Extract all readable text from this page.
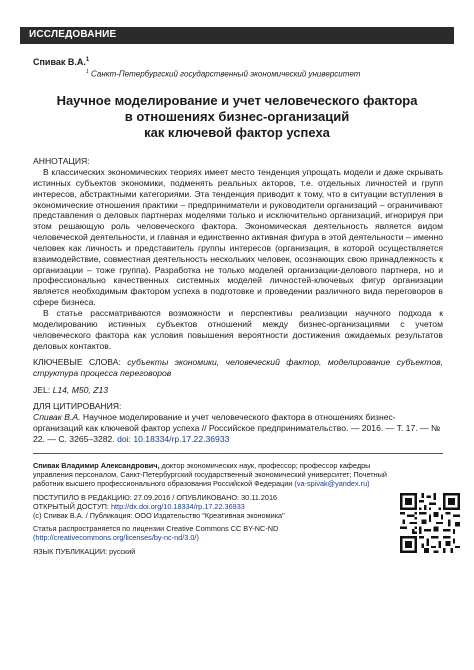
ИССЛЕДОВАНИЕ
Спивак В.А.$^1$
$^1$ Санкт-Петербургский государственный экономический университет
Научное моделирование и учет человеческого фактора
в отношениях бизнес-организаций
как ключевой фактор успеха
АННОТАЦИЯ:

В классических экономических теориях имеет место тенденция упрощать модели и даже скрывать истинных субъектов экономики, подменять реальных акторов, т.е. отдельных личностей и групп интересов, абстрактными категориями. Эта тенденция приводит к тому, что в ситуации вступления в экономические отношения практики – предприниматели и руководители организаций – ограничивают представления о деловых партнерах моделями только и исключительно организаций, игнорируя при этом решающую роль человеческого фактора. Экономическая деятельность является видом человеческой деятельности, и главная и единственно активная фигура в этой деятельности – именно человек как личность и представитель группы интересов (организация, в которой осуществляется взаимодействие, совместная деятельность нескольких человек, осознающих свою принадлежность к организации – тоже группа). Разработка не только моделей организации-делового партнера, но и профессионально качественных системных моделей личностей-ключевых фигур организации является необходимым фактором успеха в подготовке и проведении различного вида переговоров в сфере бизнеса.

В статье рассматриваются возможности и перспективы реализации научного подхода к моделированию истинных субъектов отношений между бизнес-организациями с учетом человеческого фактора как условия повышения вероятности достижения ожидаемых результатов деловых контактов.

КЛЮЧЕВЫЕ СЛОВА: субъекты экономики, человеческий фактор, моделирование субъектов, структура процесса переговоров
JEL: L14, M50, Z13
ДЛЯ ЦИТИРОВАНИЯ:
Спивак В.А. Научное моделирование и учет человеческого фактора в отношениях бизнес-организаций как ключевой фактор успеха // Российское предпринимательство. — 2016. — Т. 17. — № 22. — С. 3265–3282. doi: 10.18334/rp.17.22.36933
Спивак Владимир Александрович, доктор экономических наук, профессор; профессор кафедры управления персоналом, Санкт-Петербургский государственный экономический университет; Почетный работник высшего профессионального образования Российской Федерации (va-spivak@yandex.ru)
ПОСТУПИЛО В РЕДАКЦИЮ: 27.09.2016 / ОПУБЛИКОВАНО: 30.11.2016
ОТКРЫТЫЙ ДОСТУП: http://dx.doi.org/10.18334/rp.17.22.36933
(c) Спивак В.А. / Публикация: ООО Издательство "Креативная экономика"
Статья распространяется по лицензии Creative Commons CC BY-NC-ND (http://creativecommons.org/licenses/by-nc-nd/3.0/)
ЯЗЫК ПУБЛИКАЦИИ: русский
